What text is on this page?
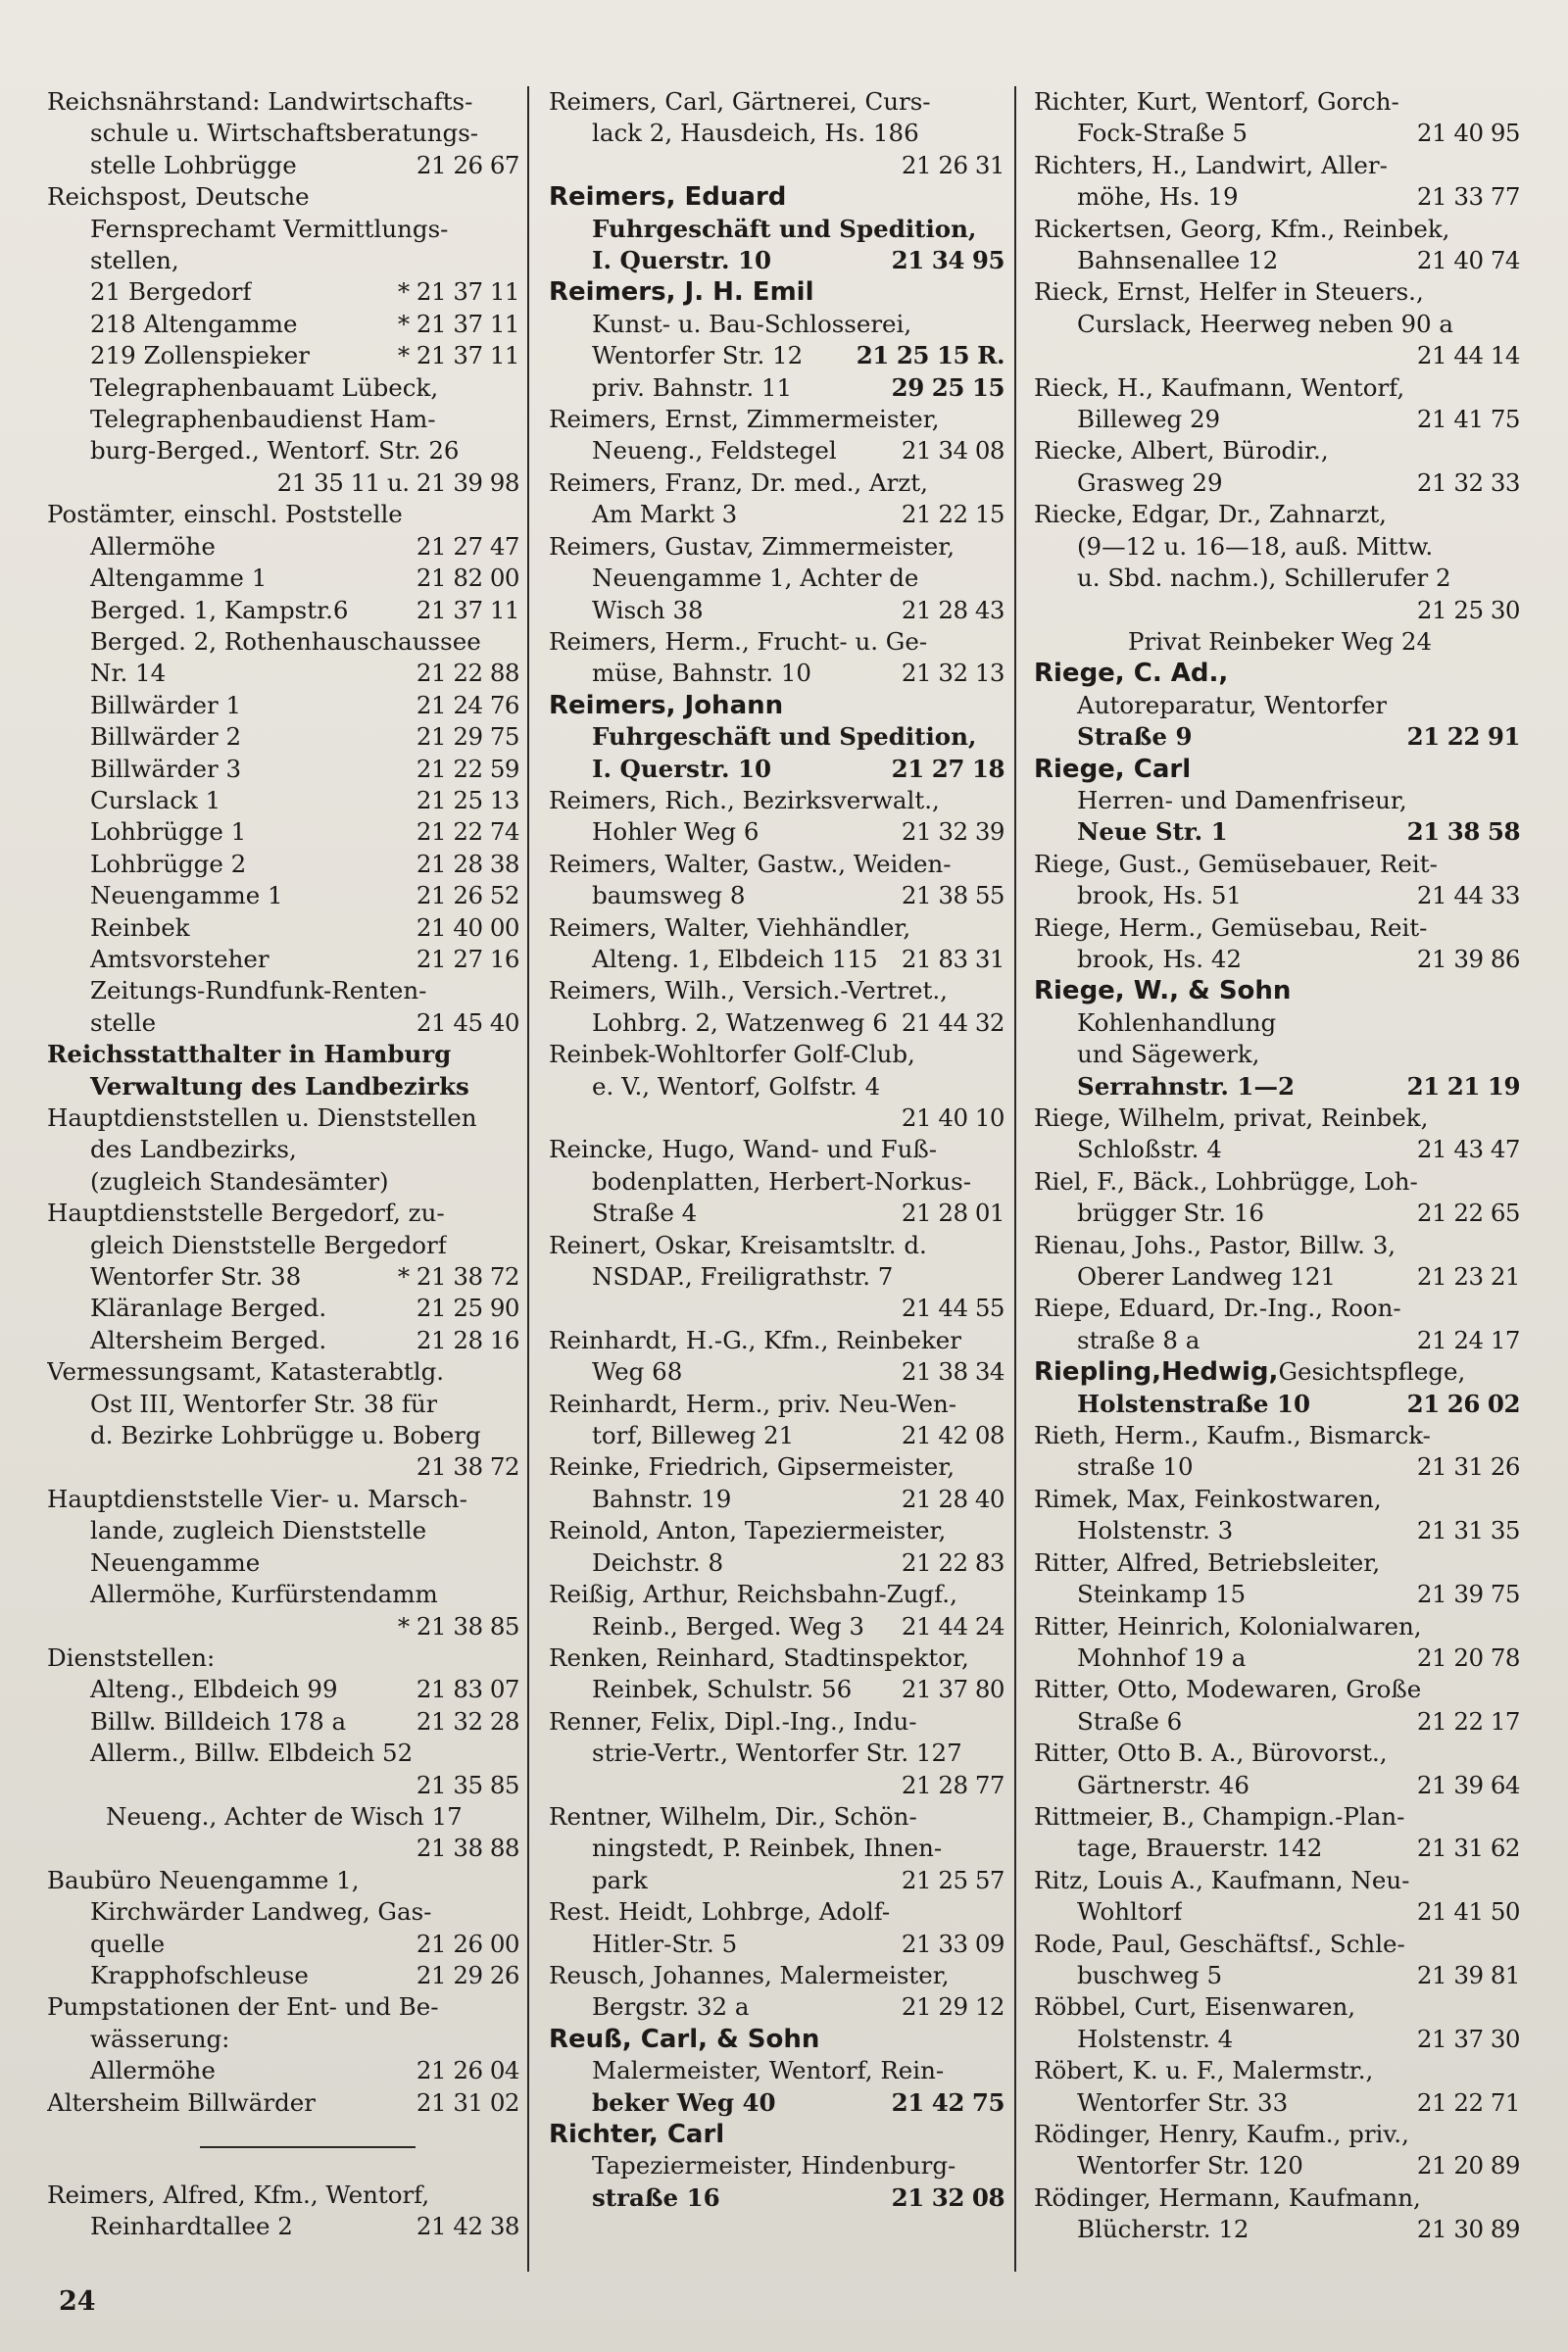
Reichsnährstand: Landwirtschafts-
schule u. Wirtschaftsberatungs-
stelle Lohbrügge	21 26 67
Reichspost, Deutsche
Fernsprechamt Vermittlungs-
stellen,
21 Bergedorf	* 21 37 11
218 Altengamme	* 21 37 11
219 Zollenspieker	* 21 37 11
Telegraphenbauamt Lübeck,
Telegraphenbaudienst Ham-
burg-Berged., Wentorf. Str. 26
21 35 11 u. 21 39 98
Postämter, einschl. Poststelle
Allermöhe	21 27 47
Altengamme 1	21 82 00
Berged. 1, Kampstr.6	21 37 11
Berged. 2, Rothenhauschaussee
Nr. 14	21 22 88
Billwärder 1	21 24 76
Billwärder 2	21 29 75
Billwärder 3	21 22 59
Curslack 1	21 25 13
Lohbrügge 1	21 22 74
Lohbrügge 2	21 28 38
Neuengamme 1	21 26 52
Reinbek	21 40 00
Amtsvorsteher	21 27 16
Zeitungs-Rundfunk-Renten-
stelle	21 45 40
Reichsstatthalter in Hamburg
Verwaltung des Landbezirks
Hauptdienststellen u. Dienststellen
des Landbezirks,
(zugleich Standesämter)
Hauptdienststelle Bergedorf, zu-
gleich Dienststelle Bergedorf
Wentorfer Str. 38	* 21 38 72
Kläranlage Berged.	21 25 90
Altersheim Berged.	21 28 16
Vermessungsamt, Katasterabtlg.
Ost III, Wentorfer Str. 38 für
d. Bezirke Lohbrügge u. Boberg
21 38 72
Hauptdienststelle Vier- u. Marsch-
lande, zugleich Dienststelle
Neuengamme
Allermöhe, Kurfürstendamm
* 21 38 85
Dienststellen:
Alteng., Elbdeich 99	21 83 07
Billw. Billdeich 178 a	21 32 28
Allerm., Billw. Elbdeich 52
21 35 85
Neueng., Achter de Wisch 17
21 38 88
Baubüro Neuengamme 1,
Kirchwärder Landweg, Gas-
quelle	21 26 00
Krapphofschleuse	21 29 26
Pumpstationen der Ent- und Be-
wässerung:
Allermöhe	21 26 04
Altersheim Billwärder	21 31 02
Reimers, Alfred, Kfm., Wentorf,
Reinhardtallee 2	21 42 38
Reimers, Carl, Gärtnerei, Curs-
lack 2, Hausdeich, Hs. 186
21 26 31
Reimers, Eduard
Fuhrgeschäft und Spedition,
I. Querstr. 10	21 34 95
Reimers, J. H. Emil
Kunst- u. Bau-Schlosserei,
Wentorfer Str. 12 21 25 15 R.
priv. Bahnstr. 11	29 25 15
Reimers, Ernst, Zimmermeister,
Neueng., Feldstegel	21 34 08
Reimers, Franz, Dr. med., Arzt,
Am Markt 3	21 22 15
Reimers, Gustav, Zimmermeister,
Neuengamme 1, Achter de
Wisch 38	21 28 43
Reimers, Herm., Frucht- u. Ge-
müse, Bahnstr. 10	21 32 13
Reimers, Johann
Fuhrgeschäft und Spedition,
I. Querstr. 10	21 27 18
Reimers, Rich., Bezirksverwalt.,
Hohler Weg 6	21 32 39
Reimers, Walter, Gastw., Weiden-
baumsweg 8	21 38 55
Reimers, Walter, Viehhändler,
Alteng. 1, Elbdeich 115 21 83 31
Reimers, Wilh., Versich.-Vertret.,
Lohbrg. 2, Watzenweg 6 21 44 32
Reinbek-Wohltorfer Golf-Club,
e. V., Wentorf, Golfstr. 4
21 40 10
Reincke, Hugo, Wand- und Fuß-
bodenplatten, Herbert-Norkus-
Straße 4	21 28 01
Reinert, Oskar, Kreisamtsltr. d.
NSDAP., Freiligrathstr. 7
21 44 55
Reinhardt, H.-G., Kfm., Reinbeker
Weg 68	21 38 34
Reinhardt, Herm., priv. Neu-Wen-
torf, Billeweg 21	21 42 08
Reinke, Friedrich, Gipsermeister,
Bahnstr. 19	21 28 40
Reinold, Anton, Tapeziermeister,
Deichstr. 8	21 22 83
Reißig, Arthur, Reichsbahn-Zugf.,
Reinb., Berged. Weg 3 21 44 24
Renken, Reinhard, Stadtinspektor,
Reinbek, Schulstr. 56 21 37 80
Renner, Felix, Dipl.-Ing., Indu-
strie-Vertr., Wentorfer Str. 127
21 28 77
Rentner, Wilhelm, Dir., Schön-
ningstedt, P. Reinbek, Ihnen-
park	21 25 57
Rest. Heidt, Lohbrge, Adolf-
Hitler-Str. 5	21 33 09
Reusch, Johannes, Malermeister,
Bergstr. 32 a	21 29 12
Reuß, Carl, & Sohn
Malermeister, Wentorf, Rein-
beker Weg 40	21 42 75
Richter, Carl
Tapeziermeister, Hindenburg-
straße 16	21 32 08
Richter, Kurt, Wentorf, Gorch-
Fock-Straße 5	21 40 95
Richters, H., Landwirt, Aller-
möhe, Hs. 19	21 33 77
Rickertsen, Georg, Kfm., Reinbek,
Bahnsenallee 12	21 40 74
Rieck, Ernst, Helfer in Steuers.,
Curslack, Heerweg neben 90 a
21 44 14
Rieck, H., Kaufmann, Wentorf,
Billeweg 29	21 41 75
Riecke, Albert, Bürodir.,
Grasweg 29	21 32 33
Riecke, Edgar, Dr., Zahnarzt,
(9—12 u. 16—18, auß. Mittw.
u. Sbd. nachm.), Schillerufer 2
21 25 30
Privat Reinbeker Weg 24
Riege, C. Ad.,
Autoreparatur, Wentorfer
Straße 9	21 22 91
Riege, Carl
Herren- und Damenfriseur,
Neue Str. 1	21 38 58
Riege, Gust., Gemüsebauer, Reit-
brook, Hs. 51	21 44 33
Riege, Herm., Gemüsebau, Reit-
brook, Hs. 42	21 39 86
Riege, W., & Sohn
Kohlenhandlung
und Sägewerk,
Serrahnstr. 1—2	21 21 19
Riege, Wilhelm, privat, Reinbek,
Schloßstr. 4	21 43 47
Riel, F., Bäck., Lohbrügge, Loh-
brügger Str. 16	21 22 65
Rienau, Johs., Pastor, Billw. 3,
Oberer Landweg 121	21 23 21
Riepe, Eduard, Dr.-Ing., Roon-
straße 8 a	21 24 17
Riepling,Hedwig,Gesichtspflege,
Holstenstraße 10	21 26 02
Rieth, Herm., Kaufm., Bismarck-
straße 10	21 31 26
Rimek, Max, Feinkostwaren,
Holstenstr. 3	21 31 35
Ritter, Alfred, Betriebsleiter,
Steinkamp 15	21 39 75
Ritter, Heinrich, Kolonialwaren,
Mohnhof 19 a	21 20 78
Ritter, Otto, Modewaren, Große
Straße 6	21 22 17
Ritter, Otto B. A., Bürovorst.,
Gärtnerstr. 46	21 39 64
Rittmeier, B., Champign.-Plan-
tage, Brauerstr. 142	21 31 62
Ritz, Louis A., Kaufmann, Neu-
Wohltorf	21 41 50
Rode, Paul, Geschäftsf., Schle-
buschweg 5	21 39 81
Röbbel, Curt, Eisenwaren,
Holstenstr. 4	21 37 30
Röbert, K. u. F., Malermstr.,
Wentorfer Str. 33	21 22 71
Rödinger, Henry, Kaufm., priv.,
Wentorfer Str. 120	21 20 89
Rödinger, Hermann, Kaufmann,
Blücherstr. 12	21 30 89
24
